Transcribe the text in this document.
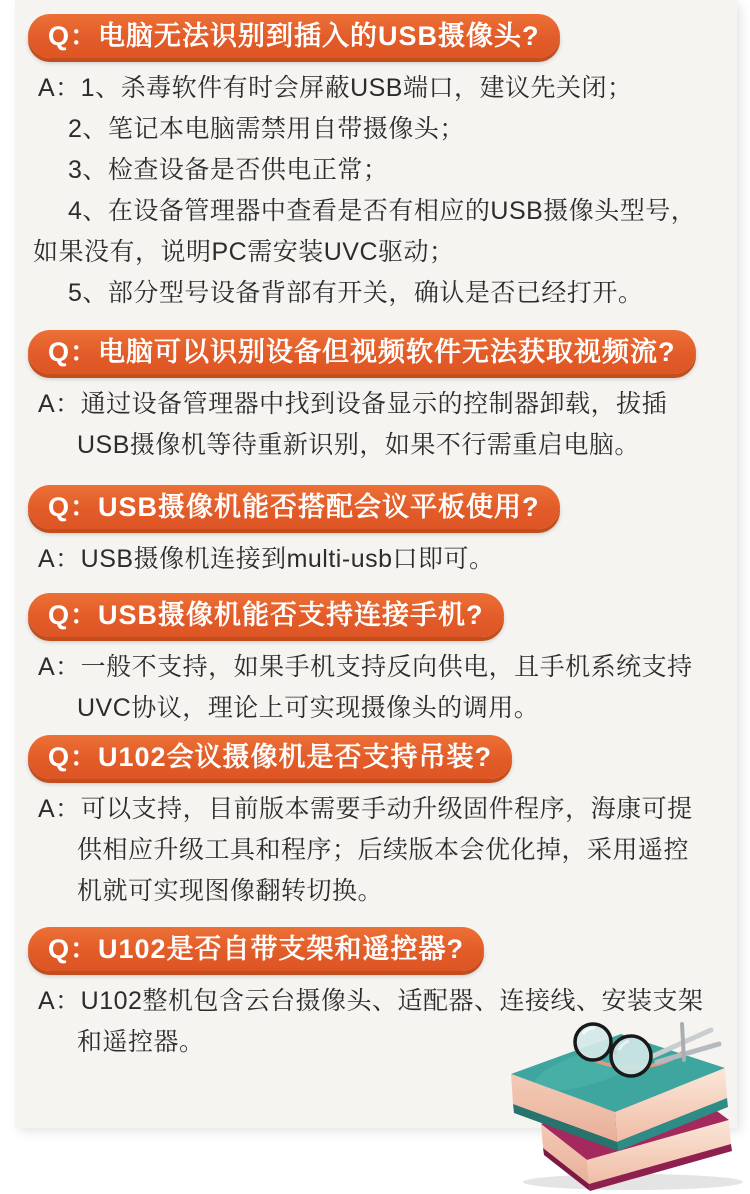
Q：电脑无法识别到插入的USB摄像头?
A：1、杀毒软件有时会屏蔽USB端口，建议先关闭；
2、笔记本电脑需禁用自带摄像头；
3、检查设备是否供电正常；
4、在设备管理器中查看是否有相应的USB摄像头型号，
如果没有，说明PC需安装UVC驱动；
5、部分型号设备背部有开关，确认是否已经打开。
Q：电脑可以识别设备但视频软件无法获取视频流?
A：通过设备管理器中找到设备显示的控制器卸载，拔插
USB摄像机等待重新识别，如果不行需重启电脑。
Q：USB摄像机能否搭配会议平板使用?
A：USB摄像机连接到multi-usb口即可。
Q：USB摄像机能否支持连接手机?
A：一般不支持，如果手机支持反向供电，且手机系统支持
UVC协议，理论上可实现摄像头的调用。
Q：U102会议摄像机是否支持吊装?
A：可以支持，目前版本需要手动升级固件程序，海康可提
供相应升级工具和程序；后续版本会优化掉，采用遥控
机就可实现图像翻转切换。
Q：U102是否自带支架和遥控器?
A：U102整机包含云台摄像头、适配器、连接线、安装支架
和遥控器。
